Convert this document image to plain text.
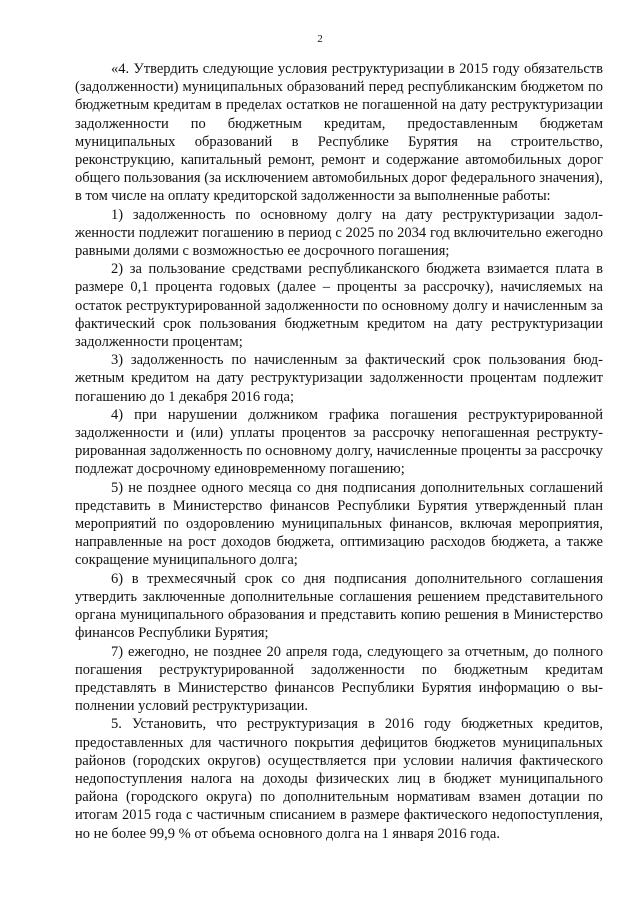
2

«4. Утвердить следующие условия реструктуризации в 2015 году обязательств (задолженности) муниципальных образований перед республиканским бюджетом по бюджетным кредитам в пределах остатков не погашенной на дату реструктуризации задолженности по бюджетным кредитам, предоставленным бюджетам муниципальных образований в Республике Бурятия на строительство, реконструкцию, капитальный ремонт, ремонт и содержание автомобильных дорог общего пользования (за исключением автомобильных дорог федерального значения), в том числе на оплату кредиторской задолженности за выполненные работы:

1) задолженность по основному долгу на дату реструктуризации задолженности подлежит погашению в период с 2025 по 2034 год включительно ежегодно равными долями с возможностью ее досрочного погашения;

2) за пользование средствами республиканского бюджета взимается плата в размере 0,1 процента годовых (далее – проценты за рассрочку), начисляемых на остаток реструктурированной задолженности по основному долгу и начисленным за фактический срок пользования бюджетным кредитом на дату реструктуризации задолженности процентам;

3) задолженность по начисленным за фактический срок пользования бюджетным кредитом на дату реструктуризации задолженности процентам подлежит погашению до 1 декабря 2016 года;

4) при нарушении должником графика погашения реструктурированной задолженности и (или) уплаты процентов за рассрочку непогашенная реструктурированная задолженность по основному долгу, начисленные проценты за рассрочку подлежат досрочному единовременному погашению;

5) не позднее одного месяца со дня подписания дополнительных соглашений представить в Министерство финансов Республики Бурятия утвержденный план мероприятий по оздоровлению муниципальных финансов, включая мероприятия, направленные на рост доходов бюджета, оптимизацию расходов бюджета, а также сокращение муниципального долга;

6) в трехмесячный срок со дня подписания дополнительного соглашения утвердить заключенные дополнительные соглашения решением представительного органа муниципального образования и представить копию решения в Министерство финансов Республики Бурятия;

7) ежегодно, не позднее 20 апреля года, следующего за отчетным, до полного погашения реструктурированной задолженности по бюджетным кредитам представлять в Министерство финансов Республики Бурятия информацию о выполнении условий реструктуризации.

5. Установить, что реструктуризация в 2016 году бюджетных кредитов, предоставленных для частичного покрытия дефицитов бюджетов муниципальных районов (городских округов) осуществляется при условии наличия фактического недопоступления налога на доходы физических лиц в бюджет муниципального района (городского округа) по дополнительным нормативам взамен дотации по итогам 2015 года с частичным списанием в размере фактического недопоступления, но не более 99,9 % от объема основного долга на 1 января 2016 года.
